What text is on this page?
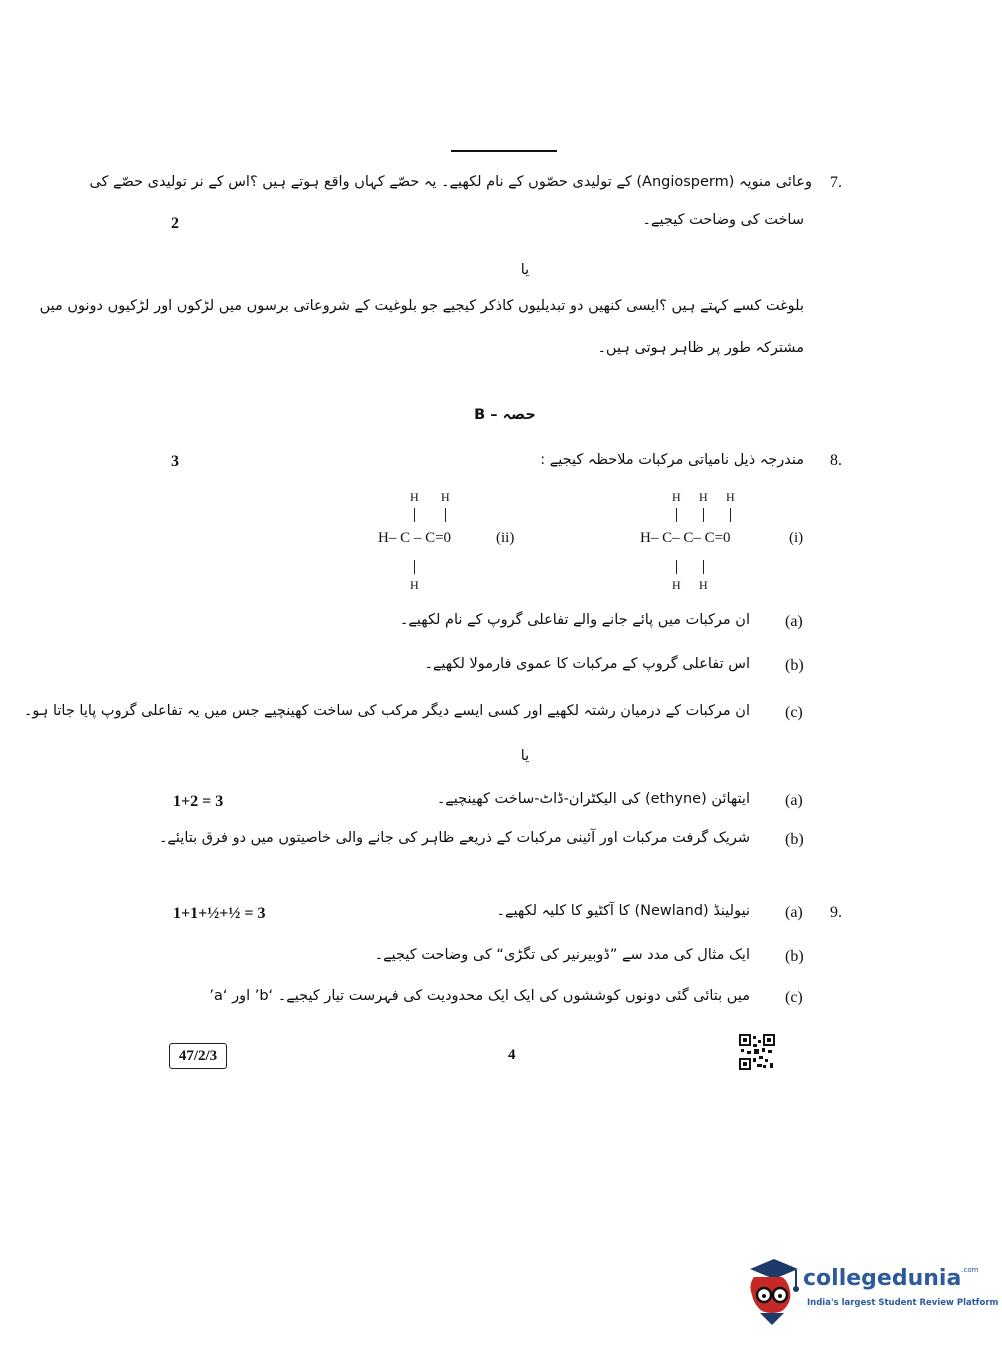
7.
وعائی منویہ (Angiosperm) کے تولیدی حصّوں کے نام لکھیے۔ یہ حصّے کہاں واقع ہوتے ہیں ؟اس کے نر تولیدی حصّے کی
ساخت کی وضاحت کیجیے۔
2
یا
بلوغت کسے کہتے ہیں ؟ایسی کنھیں دو تبدیلیوں کاذکر کیجیے جو بلوغیت کے شروعاتی برسوں میں لڑکوں اور لڑکیوں دونوں میں
مشترکہ طور پر ظاہر ہوتی ہیں۔
حصہ – B
8.
مندرجہ ذیل نامیاتی مرکبات ملاحظہ کیجیے :
3
H H
H– C – C=0
H
(ii)
H H H
H– C– C– C=0
H H
(i)
(a)
ان مرکبات میں پائے جانے والے تفاعلی گروپ کے نام لکھیے۔
(b)
اس تفاعلی گروپ کے مرکبات کا عموی فارمولا لکھیے۔
(c)
ان مرکبات کے درمیان رشتہ لکھیے اور کسی ایسے دیگر مرکب کی ساخت کھینچیے جس میں یہ تفاعلی گروپ پایا جاتا ہو۔
یا
(a)
ایتھائن (ethyne) کی الیکٹران-ڈاٹ-ساخت کھینچیے۔
1+2 = 3
(b)
شریک گرفت مرکبات اور آئینی مرکبات کے ذریعے ظاہر کی جانے والی خاصیتوں میں دو فرق بتایئے۔
9.
(a)
نیولینڈ (Newland) کا آکٹیو کا کلیہ لکھیے۔
1+1+½+½ = 3
(b)
ایک مثال کی مدد سے ”ڈوبیرنیر کی تگڑی“ کی وضاحت کیجیے۔
(c)
’a‘ اور ’b‘ میں بتائی گئی دونوں کوششوں کی ایک ایک محدودیت کی فہرست تیار کیجیے۔
47/2/3	4
collegedunia$^{.com}$
India's largest Student Review Platform
